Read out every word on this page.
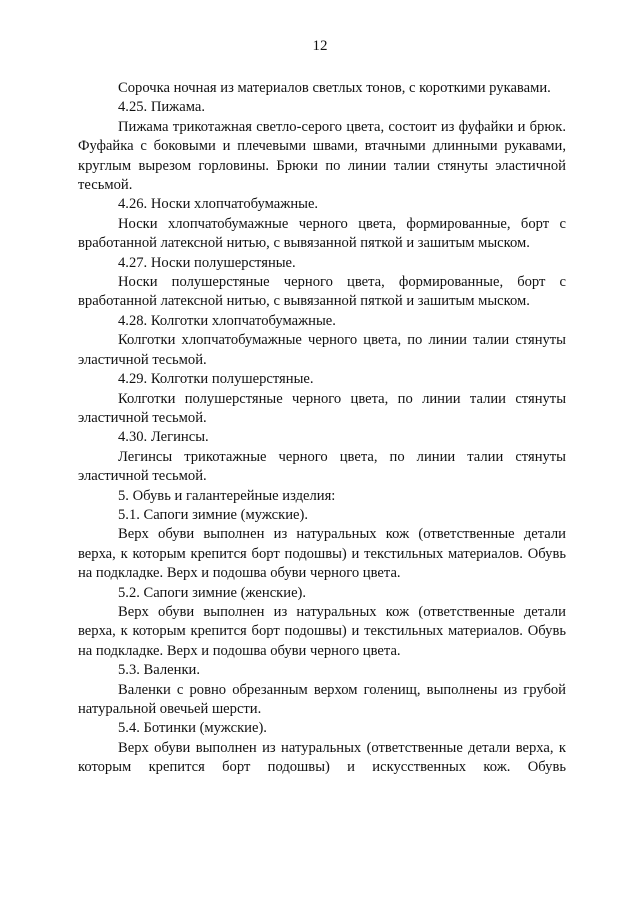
12

Сорочка ночная из материалов светлых тонов, с короткими рукавами.

4.25. Пижама.

Пижама трикотажная светло-серого цвета, состоит из фуфайки и брюк. Фуфайка с боковыми и плечевыми швами, втачными длинными рукавами, круглым вырезом горловины. Брюки по линии талии стянуты эластичной тесьмой.

4.26. Носки хлопчатобумажные.

Носки хлопчатобумажные черного цвета, формированные, борт с вработанной латексной нитью, с вывязанной пяткой и зашитым мыском.

4.27. Носки полушерстяные.

Носки полушерстяные черного цвета, формированные, борт с вработанной латексной нитью, с вывязанной пяткой и зашитым мыском.

4.28. Колготки хлопчатобумажные.

Колготки хлопчатобумажные черного цвета, по линии талии стянуты эластичной тесьмой.

4.29. Колготки полушерстяные.

Колготки полушерстяные черного цвета, по линии талии стянуты эластичной тесьмой.

4.30. Легинсы.

Легинсы трикотажные черного цвета, по линии талии стянуты эластичной тесьмой.

5. Обувь и галантерейные изделия:

5.1. Сапоги зимние (мужские).

Верх обуви выполнен из натуральных кож (ответственные детали верха, к которым крепится борт подошвы) и текстильных материалов. Обувь на подкладке. Верх и подошва обуви черного цвета.

5.2. Сапоги зимние (женские).

Верх обуви выполнен из натуральных кож (ответственные детали верха, к которым крепится борт подошвы) и текстильных материалов. Обувь на подкладке. Верх и подошва обуви черного цвета.

5.3. Валенки.

Валенки с ровно обрезанным верхом голенищ, выполнены из грубой натуральной овечьей шерсти.

5.4. Ботинки (мужские).

Верх обуви выполнен из натуральных (ответственные детали верха, к которым крепится борт подошвы) и искусственных кож. Обувь
